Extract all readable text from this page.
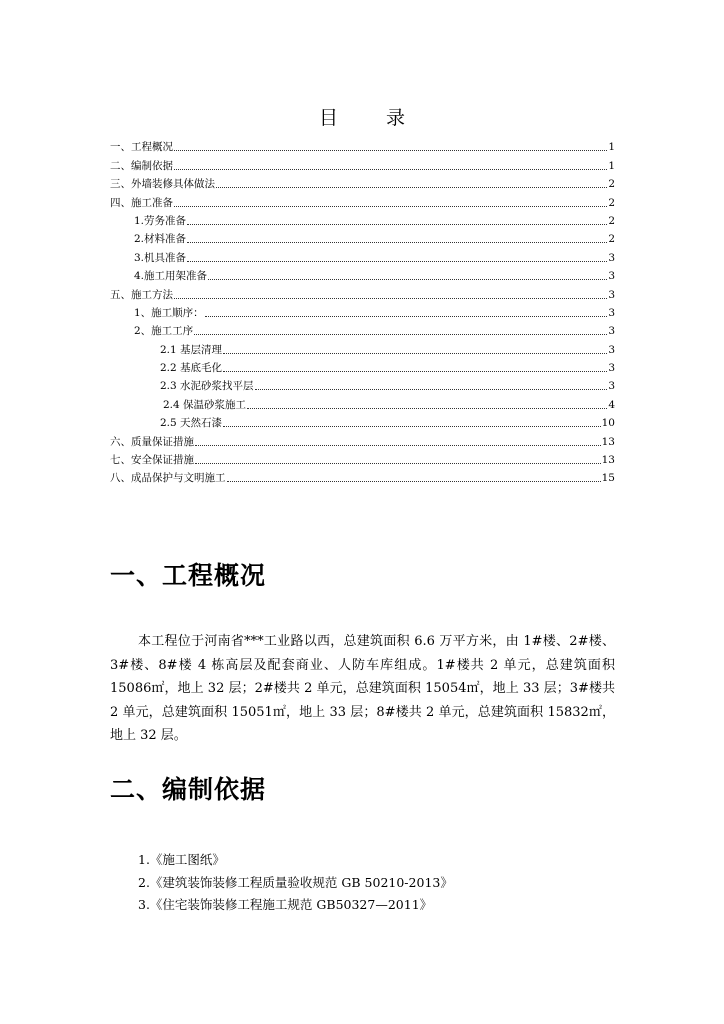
目	录
一、工程概况	1
二、编制依据	1
三、外墙装修具体做法	2
四、施工准备	2
1.劳务准备	2
2.材料准备	2
3.机具准备	3
4.施工用架准备	3
五、施工方法	3
1、施工顺序：	3
2、施工工序	3
2.1 基层清理	3
2.2 基底毛化	3
2.3 水泥砂浆找平层	3
2.4 保温砂浆施工	4
2.5 天然石漆	10
六、质量保证措施	13
七、安全保证措施	13
八、成品保护与文明施工	15
一、工程概况

本工程位于河南省***工业路以西，总建筑面积 6.6 万平方米，由 1#楼、2#楼、3#楼、8#楼 4 栋高层及配套商业、人防车库组成。1#楼共 2 单元，总建筑面积 15086㎡，地上 32 层；2#楼共 2 单元，总建筑面积 15054㎡，地上 33 层；3#楼共 2 单元，总建筑面积 15051㎡，地上 33 层；8#楼共 2 单元，总建筑面积 15832㎡，地上 32 层。

二、编制依据
1.《施工图纸》
2.《建筑装饰装修工程质量验收规范 GB 50210-2013》
3.《住宅装饰装修工程施工规范 GB50327—2011》
